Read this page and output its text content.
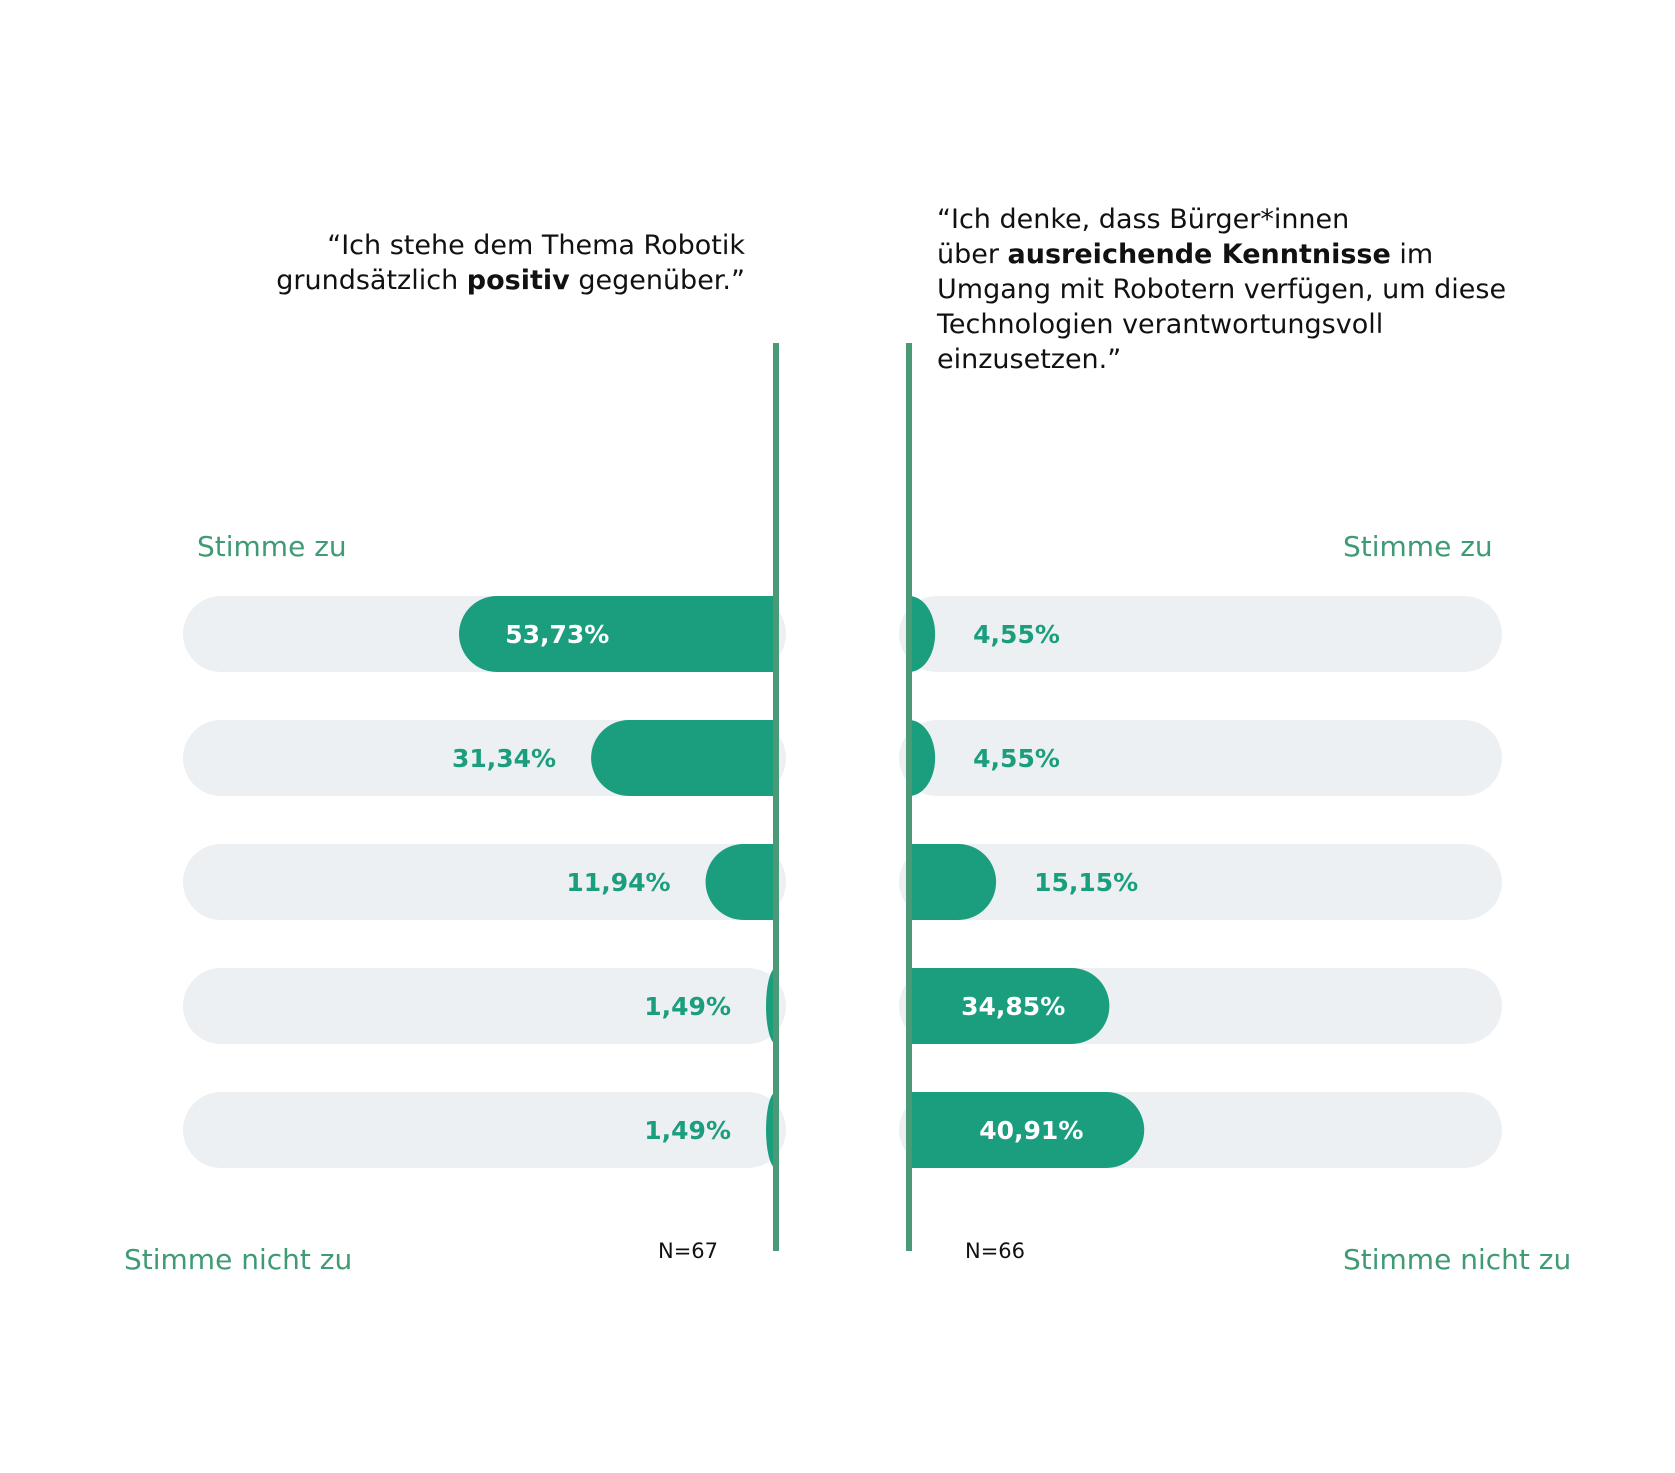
“Ich stehe dem Thema Robotik
grundsätzlich positiv gegenüber.”
“Ich denke, dass Bürger*innen
über ausreichende Kenntnisse im
Umgang mit Robotern verfügen, um diese
Technologien verantwortungsvoll
einzusetzen.”
Stimme zu	Stimme zu
Stimme nicht zu	Stimme nicht zu
N=67	N=66
53,73%
31,34%
11,94%
1,49%
1,49%
4,55%
4,55%
15,15%
34,85%
40,91%
